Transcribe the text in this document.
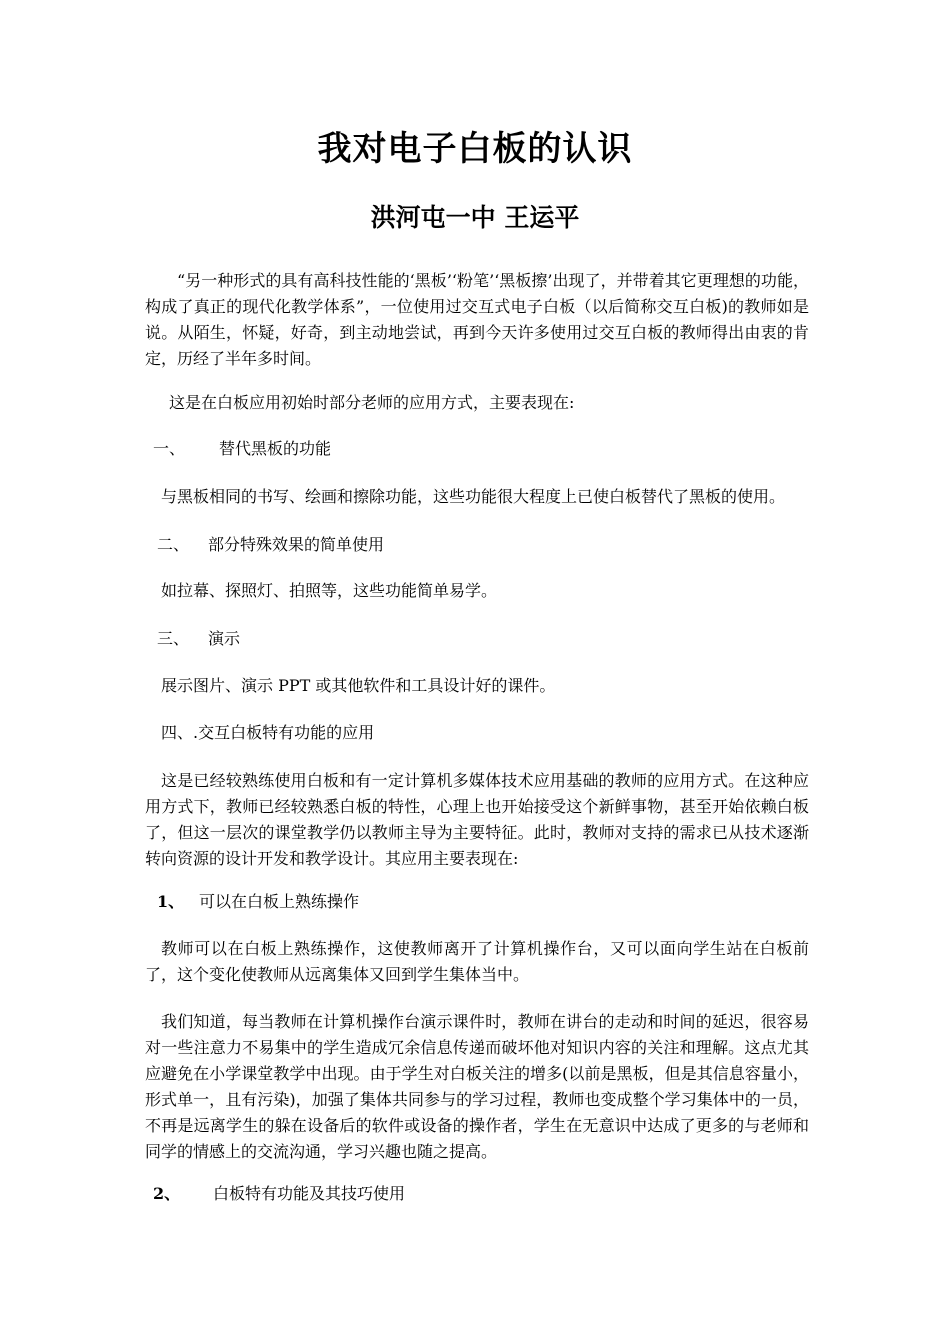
我对电子白板的认识
洪河屯一中 王运平

“另一种形式的具有高科技性能的‘黑板’‘粉笔’‘黑板擦’出现了，并带着其它更理想的功能，构成了真正的现代化教学体系”，一位使用过交互式电子白板（以后简称交互白板)的教师如是说。从陌生，怀疑，好奇，到主动地尝试，再到今天许多使用过交互白板的教师得出由衷的肯定，历经了半年多时间。

这是在白板应用初始时部分老师的应用方式，主要表现在:

一、 替代黑板的功能

与黑板相同的书写、绘画和擦除功能，这些功能很大程度上已使白板替代了黑板的使用。

二、 部分特殊效果的简单使用

如拉幕、探照灯、拍照等，这些功能简单易学。

三、 演示

展示图片、演示 PPT 或其他软件和工具设计好的课件。

四、.交互白板特有功能的应用

这是已经较熟练使用白板和有一定计算机多媒体技术应用基础的教师的应用方式。在这种应用方式下，教师已经较熟悉白板的特性，心理上也开始接受这个新鲜事物，甚至开始依赖白板了，但这一层次的课堂教学仍以教师主导为主要特征。此时，教师对支持的需求已从技术逐渐转向资源的设计开发和教学设计。其应用主要表现在:

1、 可以在白板上熟练操作

教师可以在白板上熟练操作，这使教师离开了计算机操作台，又可以面向学生站在白板前了，这个变化使教师从远离集体又回到学生集体当中。

我们知道，每当教师在计算机操作台演示课件时，教师在讲台的走动和时间的延迟，很容易对一些注意力不易集中的学生造成冗余信息传递而破坏他对知识内容的关注和理解。这点尤其应避免在小学课堂教学中出现。由于学生对白板关注的增多(以前是黑板，但是其信息容量小，形式单一，且有污染)，加强了集体共同参与的学习过程，教师也变成整个学习集体中的一员，不再是远离学生的躲在设备后的软件或设备的操作者，学生在无意识中达成了更多的与老师和同学的情感上的交流沟通，学习兴趣也随之提高。

2、 白板特有功能及其技巧使用
